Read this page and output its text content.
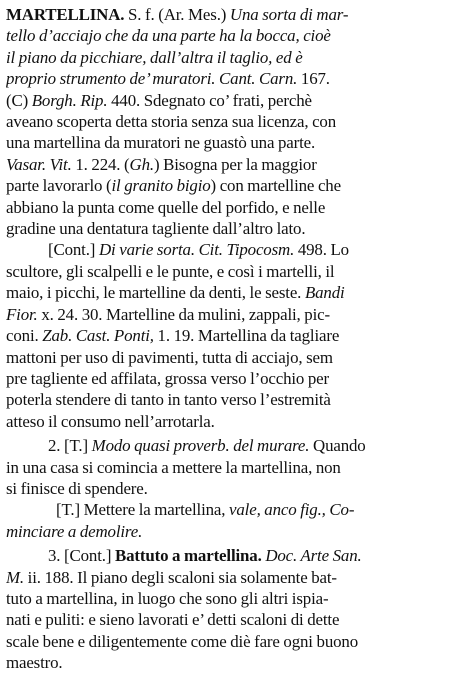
MARTELLINA. S. f. (Ar. Mes.) Una sorta di mar-
tello d’acciajo che da una parte ha la bocca, cioè
il piano da picchiare, dall’altra il taglio, ed è
proprio strumento de’ muratori. Cant. Carn. 167.
(C) Borgh. Rip. 440. Sdegnato co’ frati, perchè
aveano scoperta detta storia senza sua licenza, con
una martellina da muratori ne guastò una parte.
Vasar. Vit. 1. 224. (Gh.) Bisogna per la maggior
parte lavorarlo (il granito bigio) con martelline che
abbiano la punta come quelle del porfido, e nelle
gradine una dentatura tagliente dall’altro lato.
[Cont.] Di varie sorta. Cit. Tipocosm. 498. Lo
scultore, gli scalpelli e le punte, e così i martelli, il
maio, i picchi, le martelline da denti, le seste. Bandi
Fior. x. 24. 30. Martelline da mulini, zappali, pic-
coni. Zab. Cast. Ponti, 1. 19. Martellina da tagliare
mattoni per uso di pavimenti, tutta di acciajo, sem
pre tagliente ed affilata, grossa verso l’occhio per
poterla stendere di tanto in tanto verso l’estremità
atteso il consumo nell’arrotarla.
2. [T.] Modo quasi proverb. del murare. Quando
in una casa si comincia a mettere la martellina, non
si finisce di spendere.
[T.] Mettere la martellina, vale, anco fig., Co-
minciare a demolire.
3. [Cont.] Battuto a martellina. Doc. Arte San.
M. ii. 188. Il piano degli scaloni sia solamente bat-
tuto a martellina, in luogo che sono gli altri ispia-
nati e puliti: e sieno lavorati e’ detti scaloni di dette
scale bene e diligentemente come diè fare ogni buono
maestro.
